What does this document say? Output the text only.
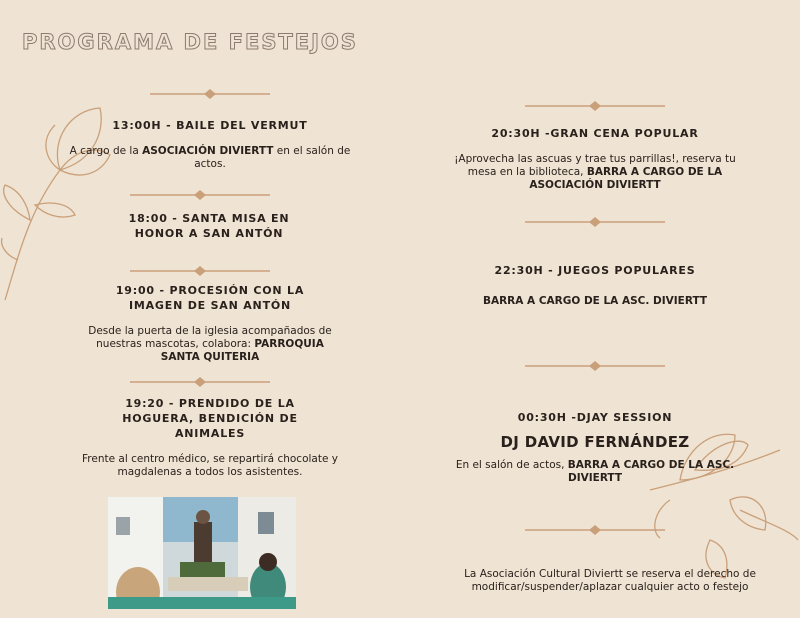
PROGRAMA DE FESTEJOS
13:00H - BAILE DEL VERMUT
A cargo de la ASOCIACIÓN DIVIERTT en el salón de actos.
18:00 - SANTA MISA EN HONOR A SAN ANTÓN
19:00 - PROCESIÓN CON LA IMAGEN DE SAN ANTÓN
Desde la puerta de la iglesia acompañados de nuestras mascotas, colabora: PARROQUIA SANTA QUITERIA
19:20 - PRENDIDO DE LA HOGUERA, BENDICIÓN DE ANIMALES
Frente al centro médico, se repartirá chocolate y magdalenas a todos los asistentes.
20:30H -GRAN CENA POPULAR
¡Aprovecha las ascuas y trae tus parrillas!, reserva tu mesa en la biblioteca, BARRA A CARGO DE LA ASOCIACIÓN DIVIERTT
22:30H - JUEGOS POPULARES
BARRA A CARGO DE LA ASC. DIVIERTT
00:30H -DJAY SESSION
DJ DAVID FERNÁNDEZ
En el salón de actos, BARRA A CARGO DE LA ASC. DIVIERTT
La Asociación Cultural Diviertt se reserva el derecho de modificar/suspender/aplazar cualquier acto o festejo
